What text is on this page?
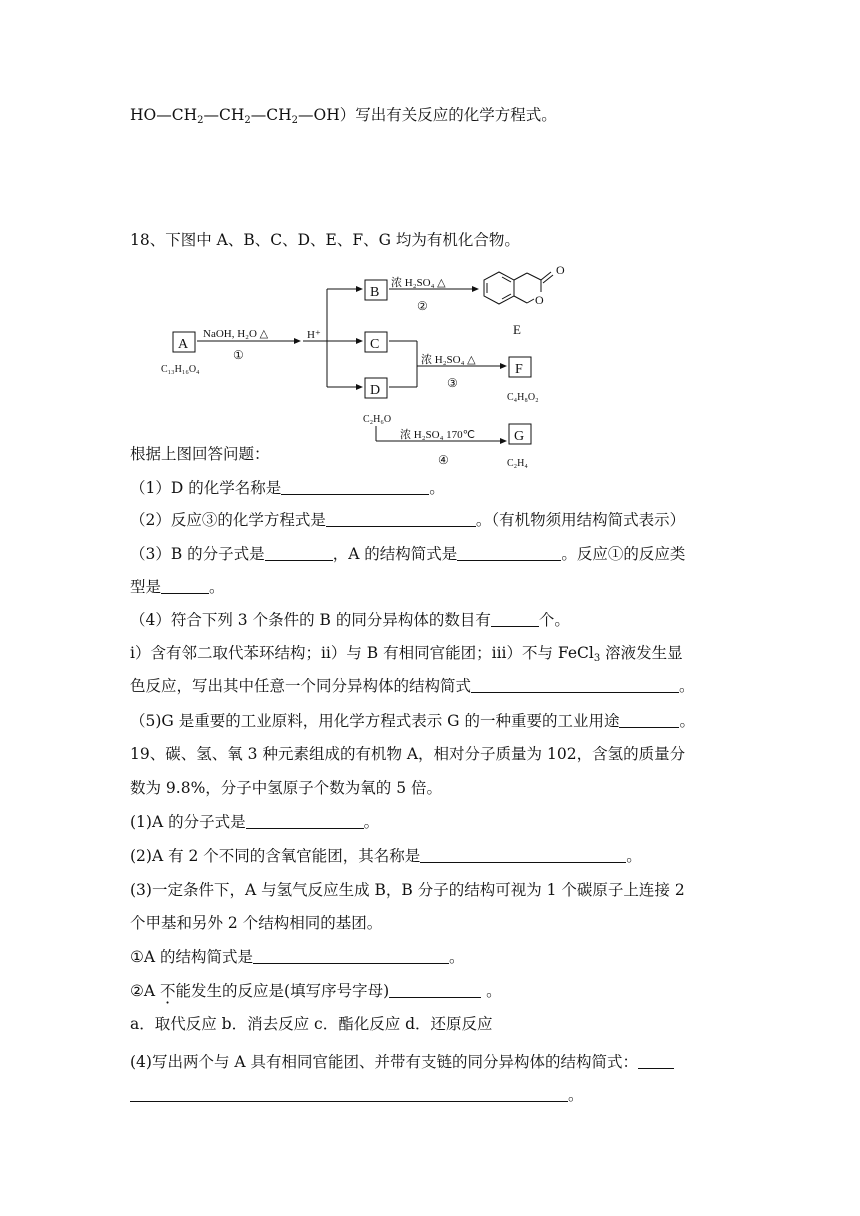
$HO—CH_2—CH_2—CH_2—OH$）写出有关反应的化学方程式。
18、下图中 A、B、C、D、E、F、G 均为有机化合物。
A
C₁₃H₁₆O₄
NaOH, H₂O △
①
H⁺
B
浓 H₂SO₄ △
②
O
O
E
C
D
C₂H₆O
浓 H₂SO₄ △
③
F
C₄H₈O₂
浓 H₂SO₄ 170℃
④
G
C₂H₄
根据上图回答问题：
（1）D 的化学名称是	。
（2）反应③的化学方程式是	。（有机物须用结构简式表示）
（3）B 的分子式是	，A 的结构简式是	。反应①的反应类
型是	。
（4）符合下列 3 个条件的 B 的同分异构体的数目有	个。
i）含有邻二取代苯环结构；ii）与 B 有相同官能团；iii）不与 FeCl$_3$ 溶液发生显
色反应，写出其中任意一个同分异构体的结构简式	。
（5)G 是重要的工业原料，用化学方程式表示 G 的一种重要的工业用途	。
19、碳、氢、氧 3 种元素组成的有机物 A，相对分子质量为 102，含氢的质量分
数为 9.8%，分子中氢原子个数为氧的 5 倍。
(1)A 的分子式是	。
(2)A 有 2 个不同的含氧官能团，其名称是	。
(3)一定条件下，A 与氢气反应生成 B，B 分子的结构可视为 1 个碳原子上连接 2
个甲基和另外 2 个结构相同的基团。
①A 的结构简式是	。
②A 不能发生的反应是(填写序号字母)	。
a．取代反应 b．消去反应 c．酯化反应 d．还原反应
(4)写出两个与 A 具有相同官能团、并带有支链的同分异构体的结构简式：
。
